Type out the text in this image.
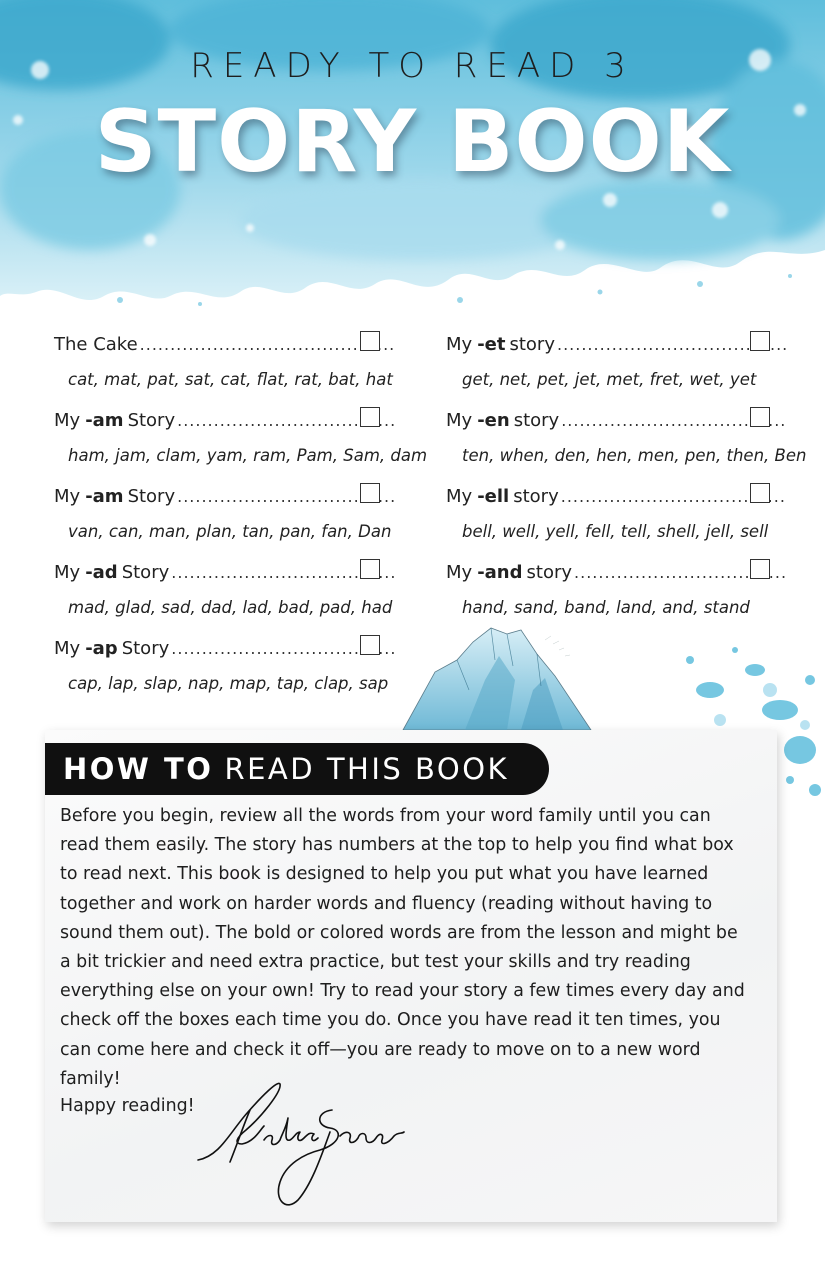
READY TO READ 3
STORY BOOK
The Cake
.....
cat, mat, pat, sat, cat, flat, rat, bat, hat
My -am Story
.....
ham, jam, clam, yam, ram, Pam, Sam, dam
My -am Story
.....
van, can, man, plan, tan, pan, fan, Dan
My -ad Story
.....
mad, glad, sad, dad, lad, bad, pad, had
My -ap Story
.....
cap, lap, slap, nap, map, tap, clap, sap
My -et story
.....
get, net, pet, jet, met, fret, wet, yet
My -en story
.....
ten, when, den, hen, men, pen, then, Ben
My -ell story
.....
bell, well, yell, fell, tell, shell, jell, sell
My -and story
.....
hand, sand, band, land, and, stand
HOW TO READ THIS BOOK
Before you begin, review all the words from your word family until you can read them easily. The story has numbers at the top to help you find what box to read next. This book is designed to help you put what you have learned together and work on harder words and fluency (reading without having to sound them out). The bold or colored words are from the lesson and might be a bit trickier and need extra practice, but test your skills and try reading everything else on your own! Try to read your story a few times every day and check off the boxes each time you do. Once you have read it ten times, you can come here and check it off—you are ready to move on to a new word family!
Happy reading!
